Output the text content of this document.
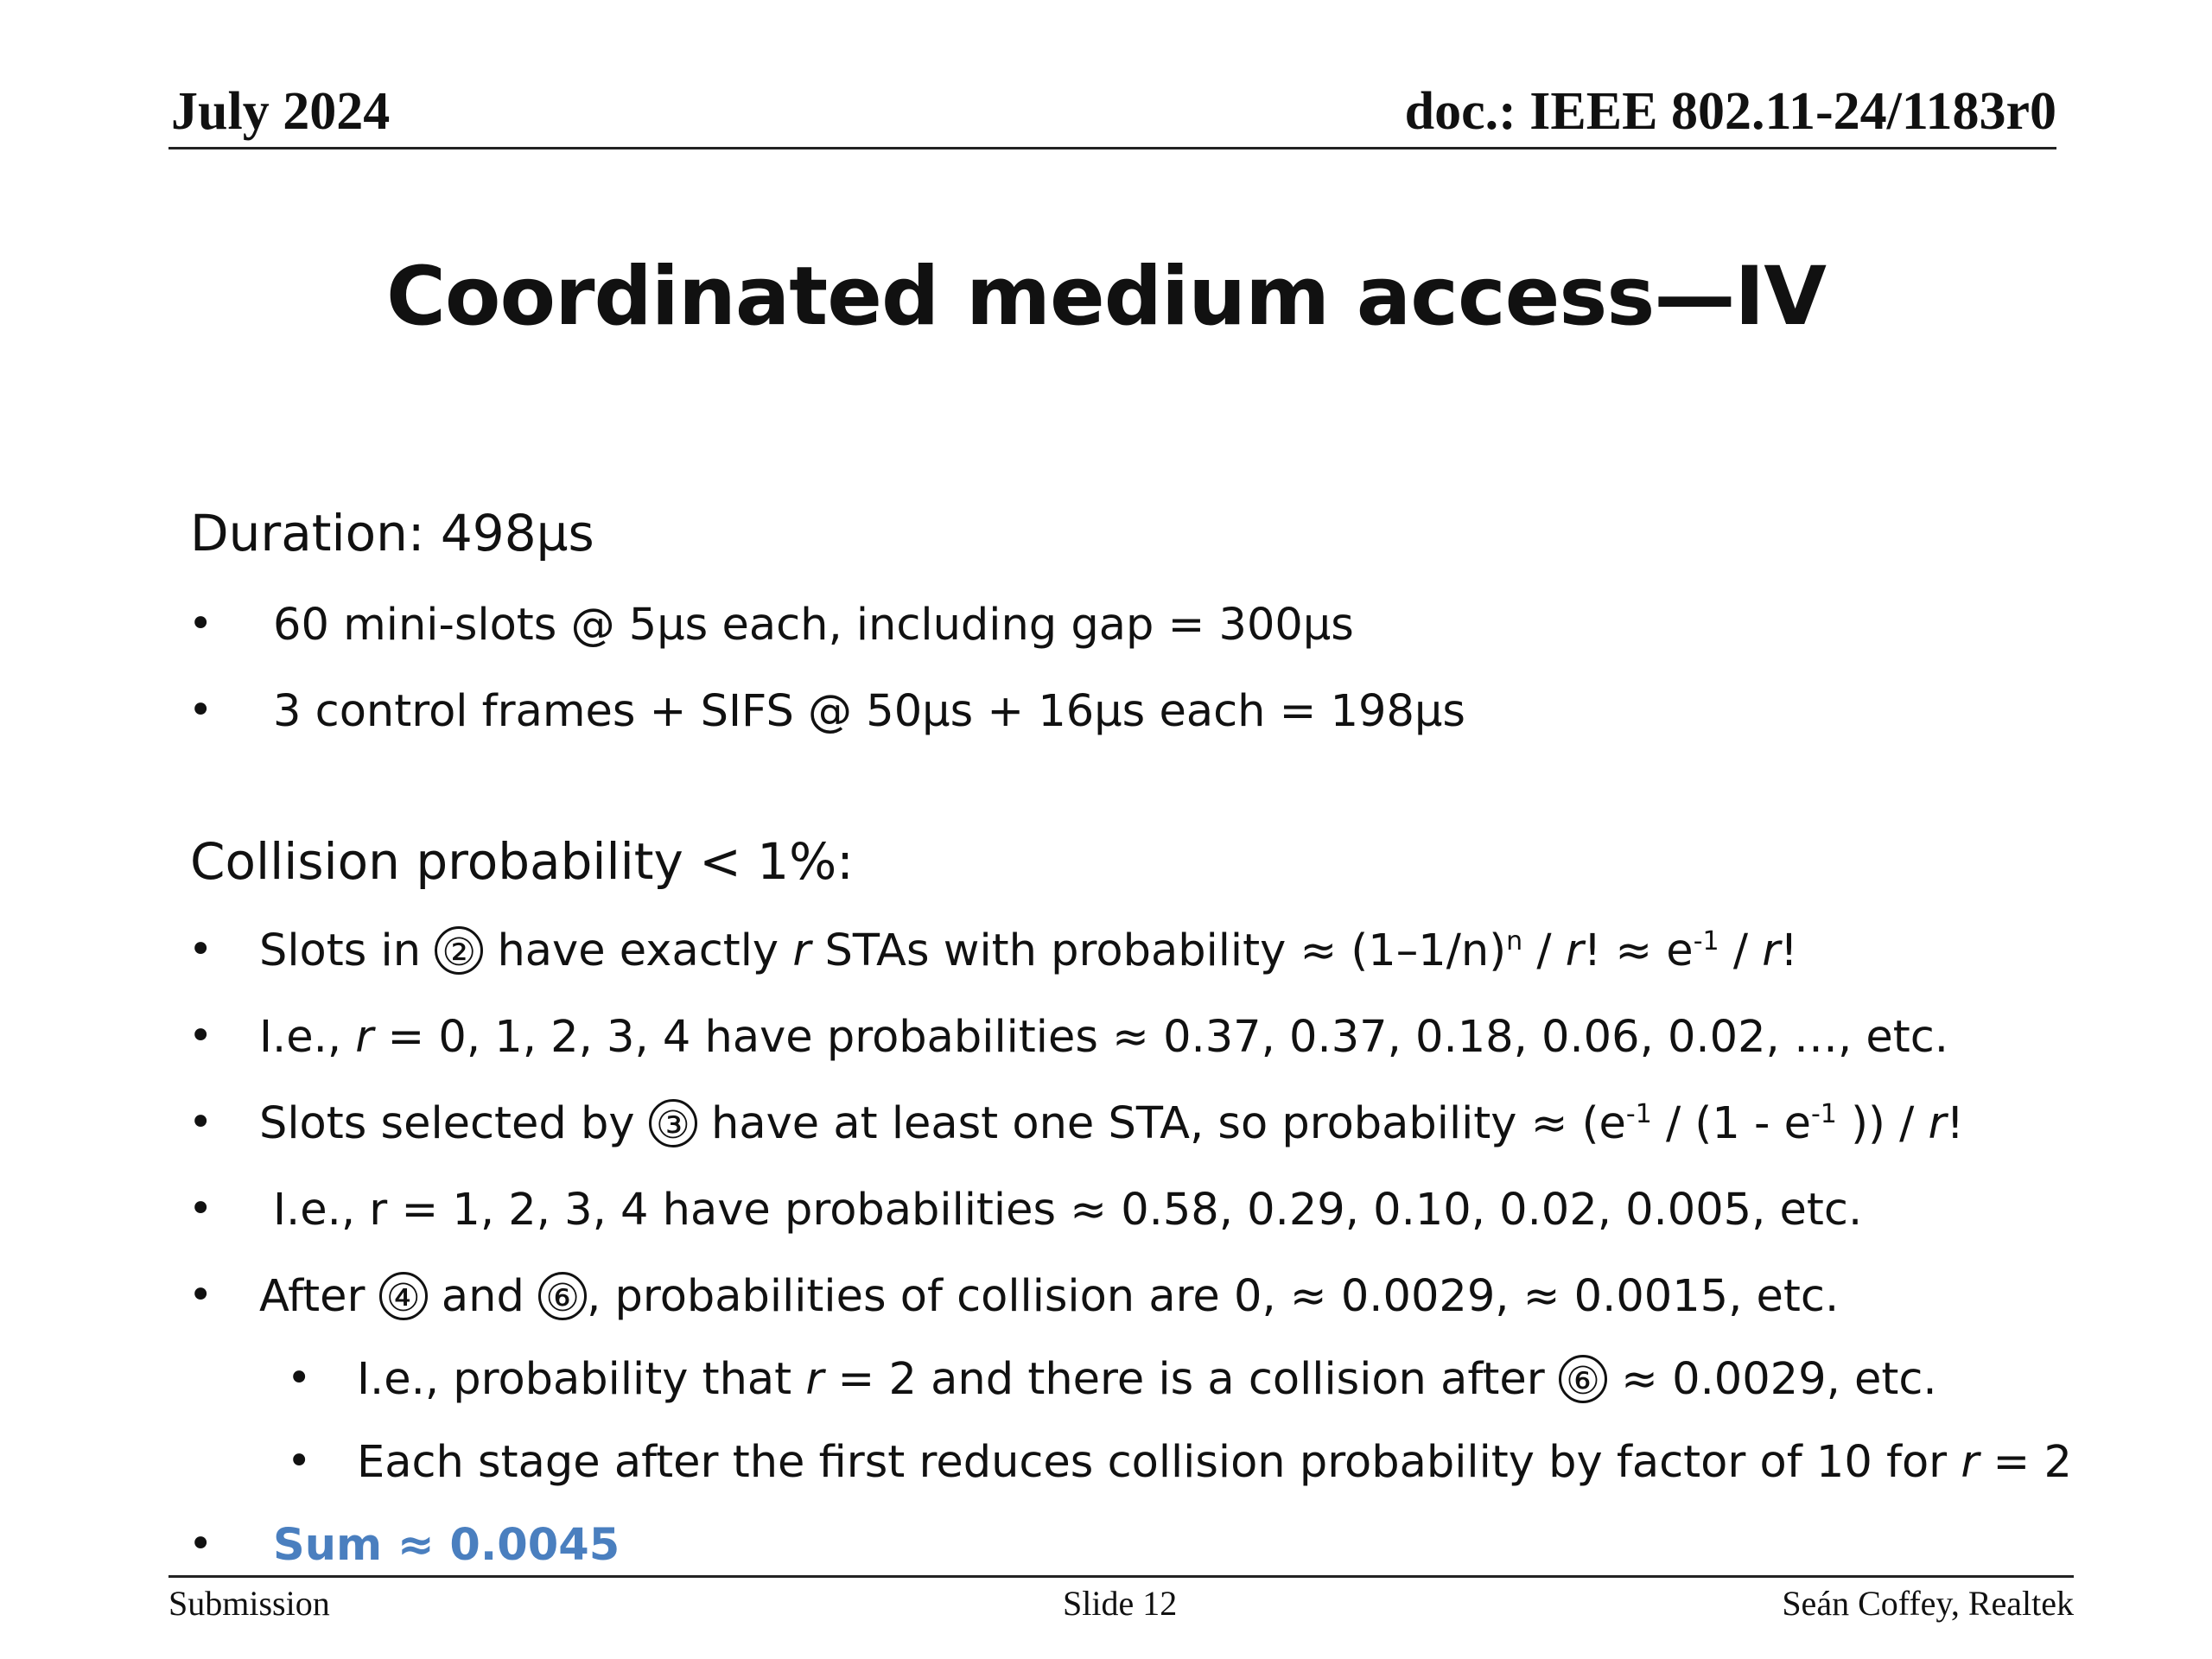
July 2024	doc.: IEEE 802.11-24/1183r0
Coordinated medium access—IV
Duration: 498µs
• 60 mini-slots @ 5µs each, including gap = 300µs
• 3 control frames + SIFS @ 50µs + 16µs each = 198µs
Collision probability < 1%:
• Slots in ② have exactly r STAs with probability ≈ $(1-1/n)^n$ / r! ≈ $e^{-1}$ / r!
• I.e., r = 0, 1, 2, 3, 4 have probabilities ≈ 0.37, 0.37, 0.18, 0.06, 0.02, …, etc.
• Slots selected by ③ have at least one STA, so probability ≈ ($e^{-1} / (1 - e^{-1}$ )) / r!
• I.e., r = 1, 2, 3, 4 have probabilities ≈ 0.58, 0.29, 0.10, 0.02, 0.005, etc.
• After ④ and ⑥ , probabilities of collision are 0, ≈ 0.0029, ≈ 0.0015, etc.
• I.e., probability that r = 2 and there is a collision after ⑥ ≈ 0.0029, etc.
• Each stage after the first reduces collision probability by factor of 10 for r = 2
• Sum ≈ 0.0045
Submission	Slide 12	Seán Coffey, Realtek
